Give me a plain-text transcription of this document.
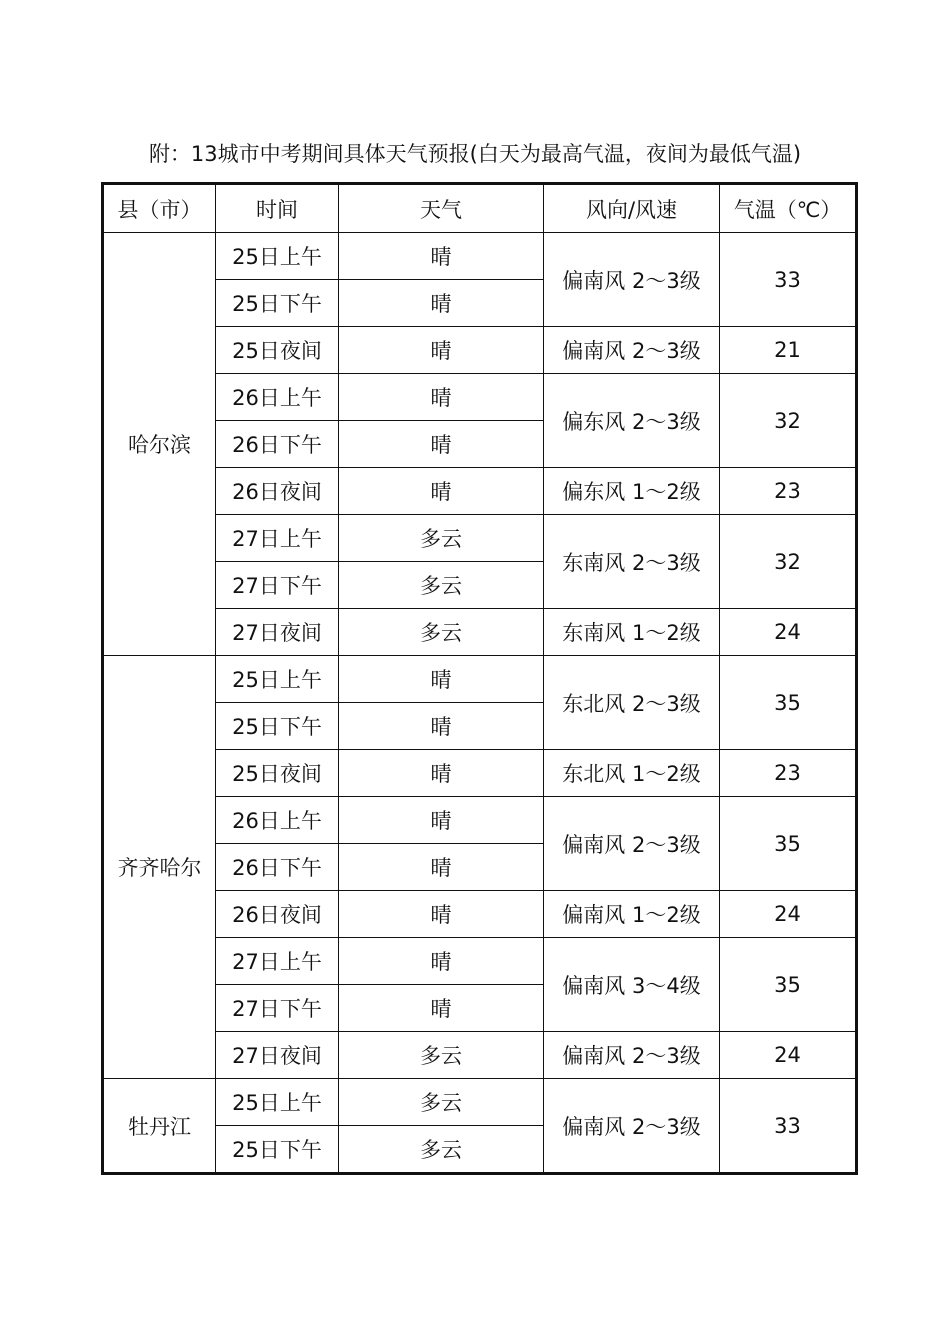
附：13城市中考期间具体天气预报(白天为最高气温，夜间为最低气温)
县（市）	时间	天气	风向/风速	气温（℃）
哈尔滨	25日上午	晴	偏南风 2～3级	33
	25日下午	晴		
	25日夜间	晴	偏南风 2～3级	21
	26日上午	晴	偏东风 2～3级	32
	26日下午	晴		
	26日夜间	晴	偏东风 1～2级	23
	27日上午	多云	东南风 2～3级	32
	27日下午	多云		
	27日夜间	多云	东南风 1～2级	24
齐齐哈尔	25日上午	晴	东北风 2～3级	35
	25日下午	晴		
	25日夜间	晴	东北风 1～2级	23
	26日上午	晴	偏南风 2～3级	35
	26日下午	晴		
	26日夜间	晴	偏南风 1～2级	24
	27日上午	晴	偏南风 3～4级	35
	27日下午	晴		
	27日夜间	多云	偏南风 2～3级	24
牡丹江	25日上午	多云	偏南风 2～3级	33
	25日下午	多云		
